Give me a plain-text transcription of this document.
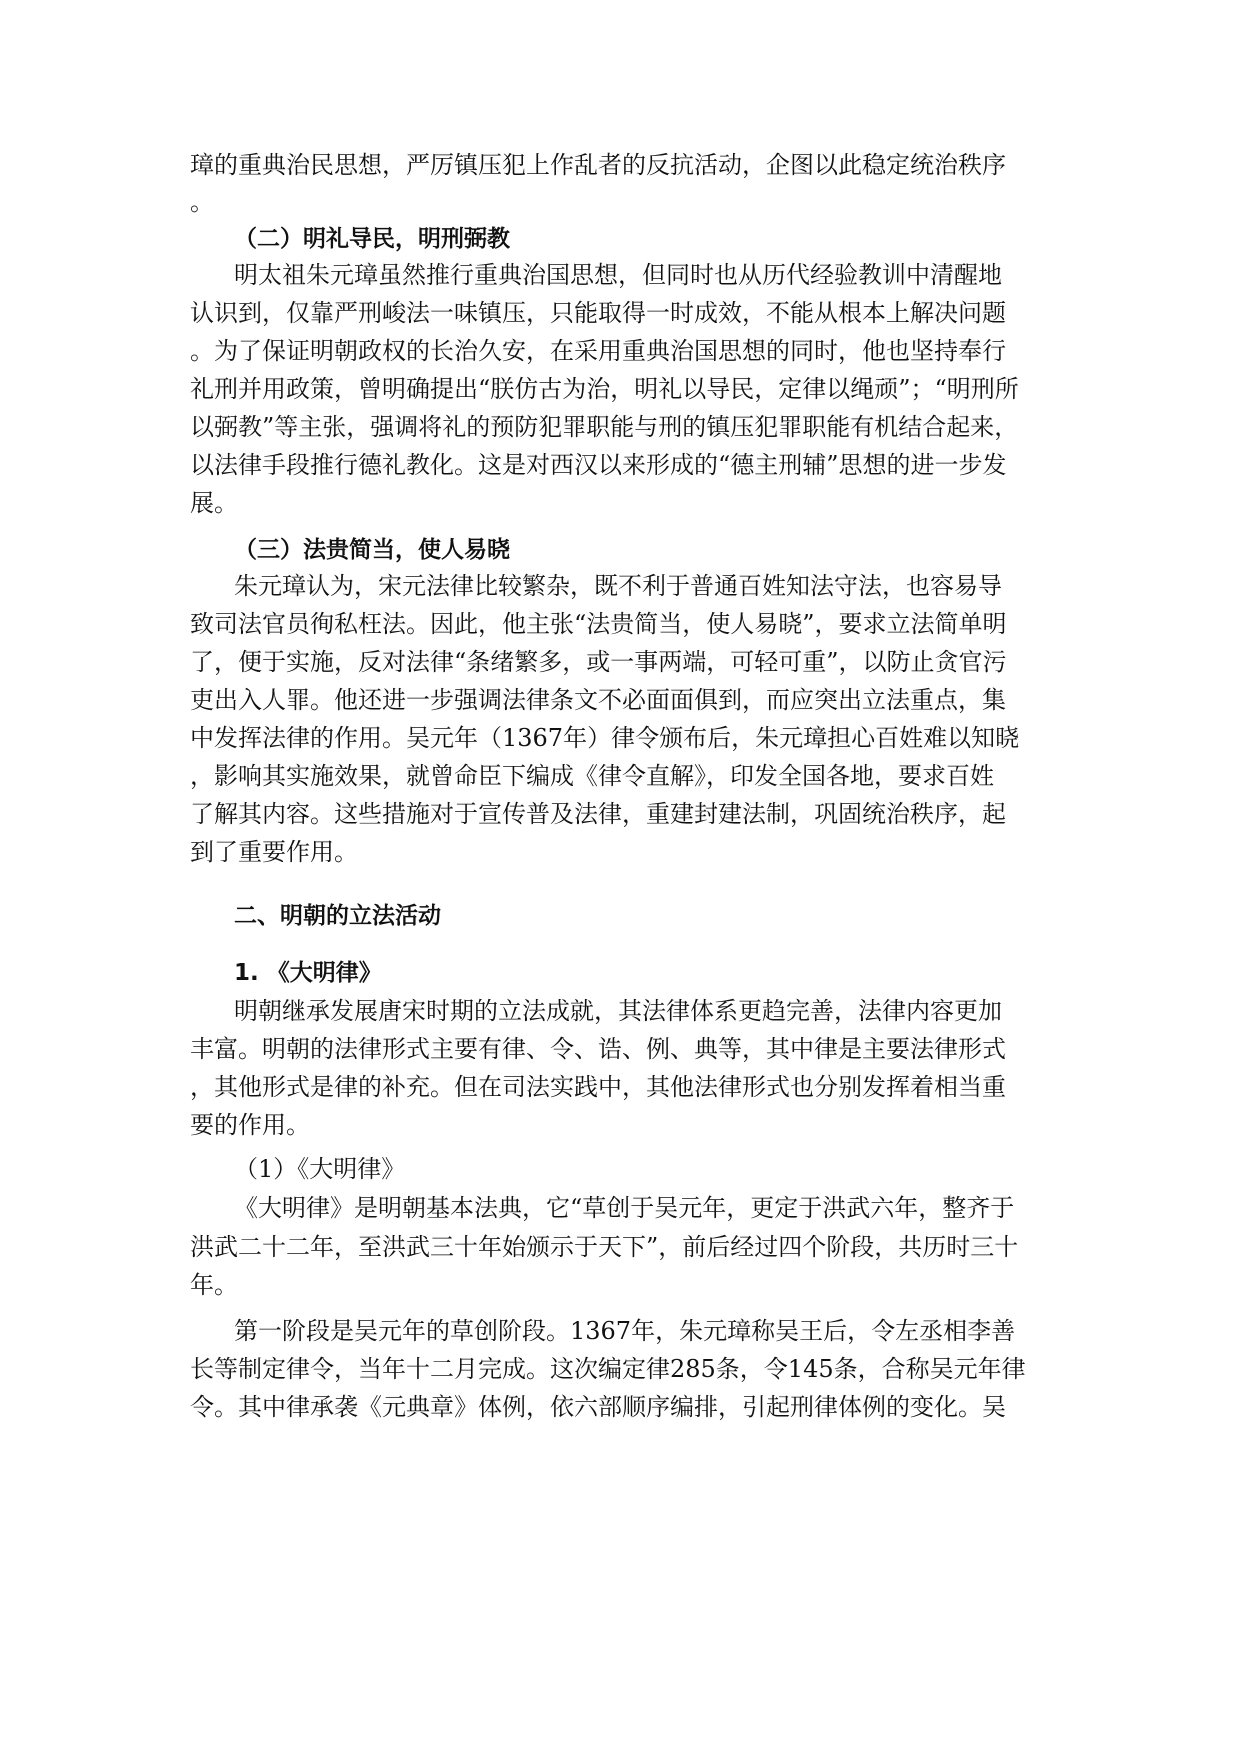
璋的重典治民思想，严厉镇压犯上作乱者的反抗活动，企图以此稳定统治秩序
。
（二）明礼导民，明刑弼教
明太祖朱元璋虽然推行重典治国思想，但同时也从历代经验教训中清醒地
认识到，仅靠严刑峻法一味镇压，只能取得一时成效，不能从根本上解决问题
。为了保证明朝政权的长治久安，在采用重典治国思想的同时，他也坚持奉行
礼刑并用政策，曾明确提出“朕仿古为治，明礼以导民，定律以绳顽”；“明刑所
以弼教”等主张，强调将礼的预防犯罪职能与刑的镇压犯罪职能有机结合起来，
以法律手段推行德礼教化。这是对西汉以来形成的“德主刑辅”思想的进一步发
展。
（三）法贵简当，使人易晓
朱元璋认为，宋元法律比较繁杂，既不利于普通百姓知法守法，也容易导
致司法官员徇私枉法。因此，他主张“法贵简当，使人易晓”，要求立法简单明
了，便于实施，反对法律“条绪繁多，或一事两端，可轻可重”，以防止贪官污
吏出入人罪。他还进一步强调法律条文不必面面俱到，而应突出立法重点，集
中发挥法律的作用。吴元年（1367年）律令颁布后，朱元璋担心百姓难以知晓
，影响其实施效果，就曾命臣下编成《律令直解》，印发全国各地，要求百姓
了解其内容。这些措施对于宣传普及法律，重建封建法制，巩固统治秩序，起
到了重要作用。
二、明朝的立法活动
1. 《大明律》
明朝继承发展唐宋时期的立法成就，其法律体系更趋完善，法律内容更加
丰富。明朝的法律形式主要有律、令、诰、例、典等，其中律是主要法律形式
，其他形式是律的补充。但在司法实践中，其他法律形式也分别发挥着相当重
要的作用。
（1）《大明律》
《大明律》是明朝基本法典，它“草创于吴元年，更定于洪武六年，整齐于
洪武二十二年，至洪武三十年始颁示于天下”，前后经过四个阶段，共历时三十
年。
第一阶段是吴元年的草创阶段。1367年，朱元璋称吴王后，令左丞相李善
长等制定律令，当年十二月完成。这次编定律285条，令145条，合称吴元年律
令。其中律承袭《元典章》体例，依六部顺序编排，引起刑律体例的变化。吴
